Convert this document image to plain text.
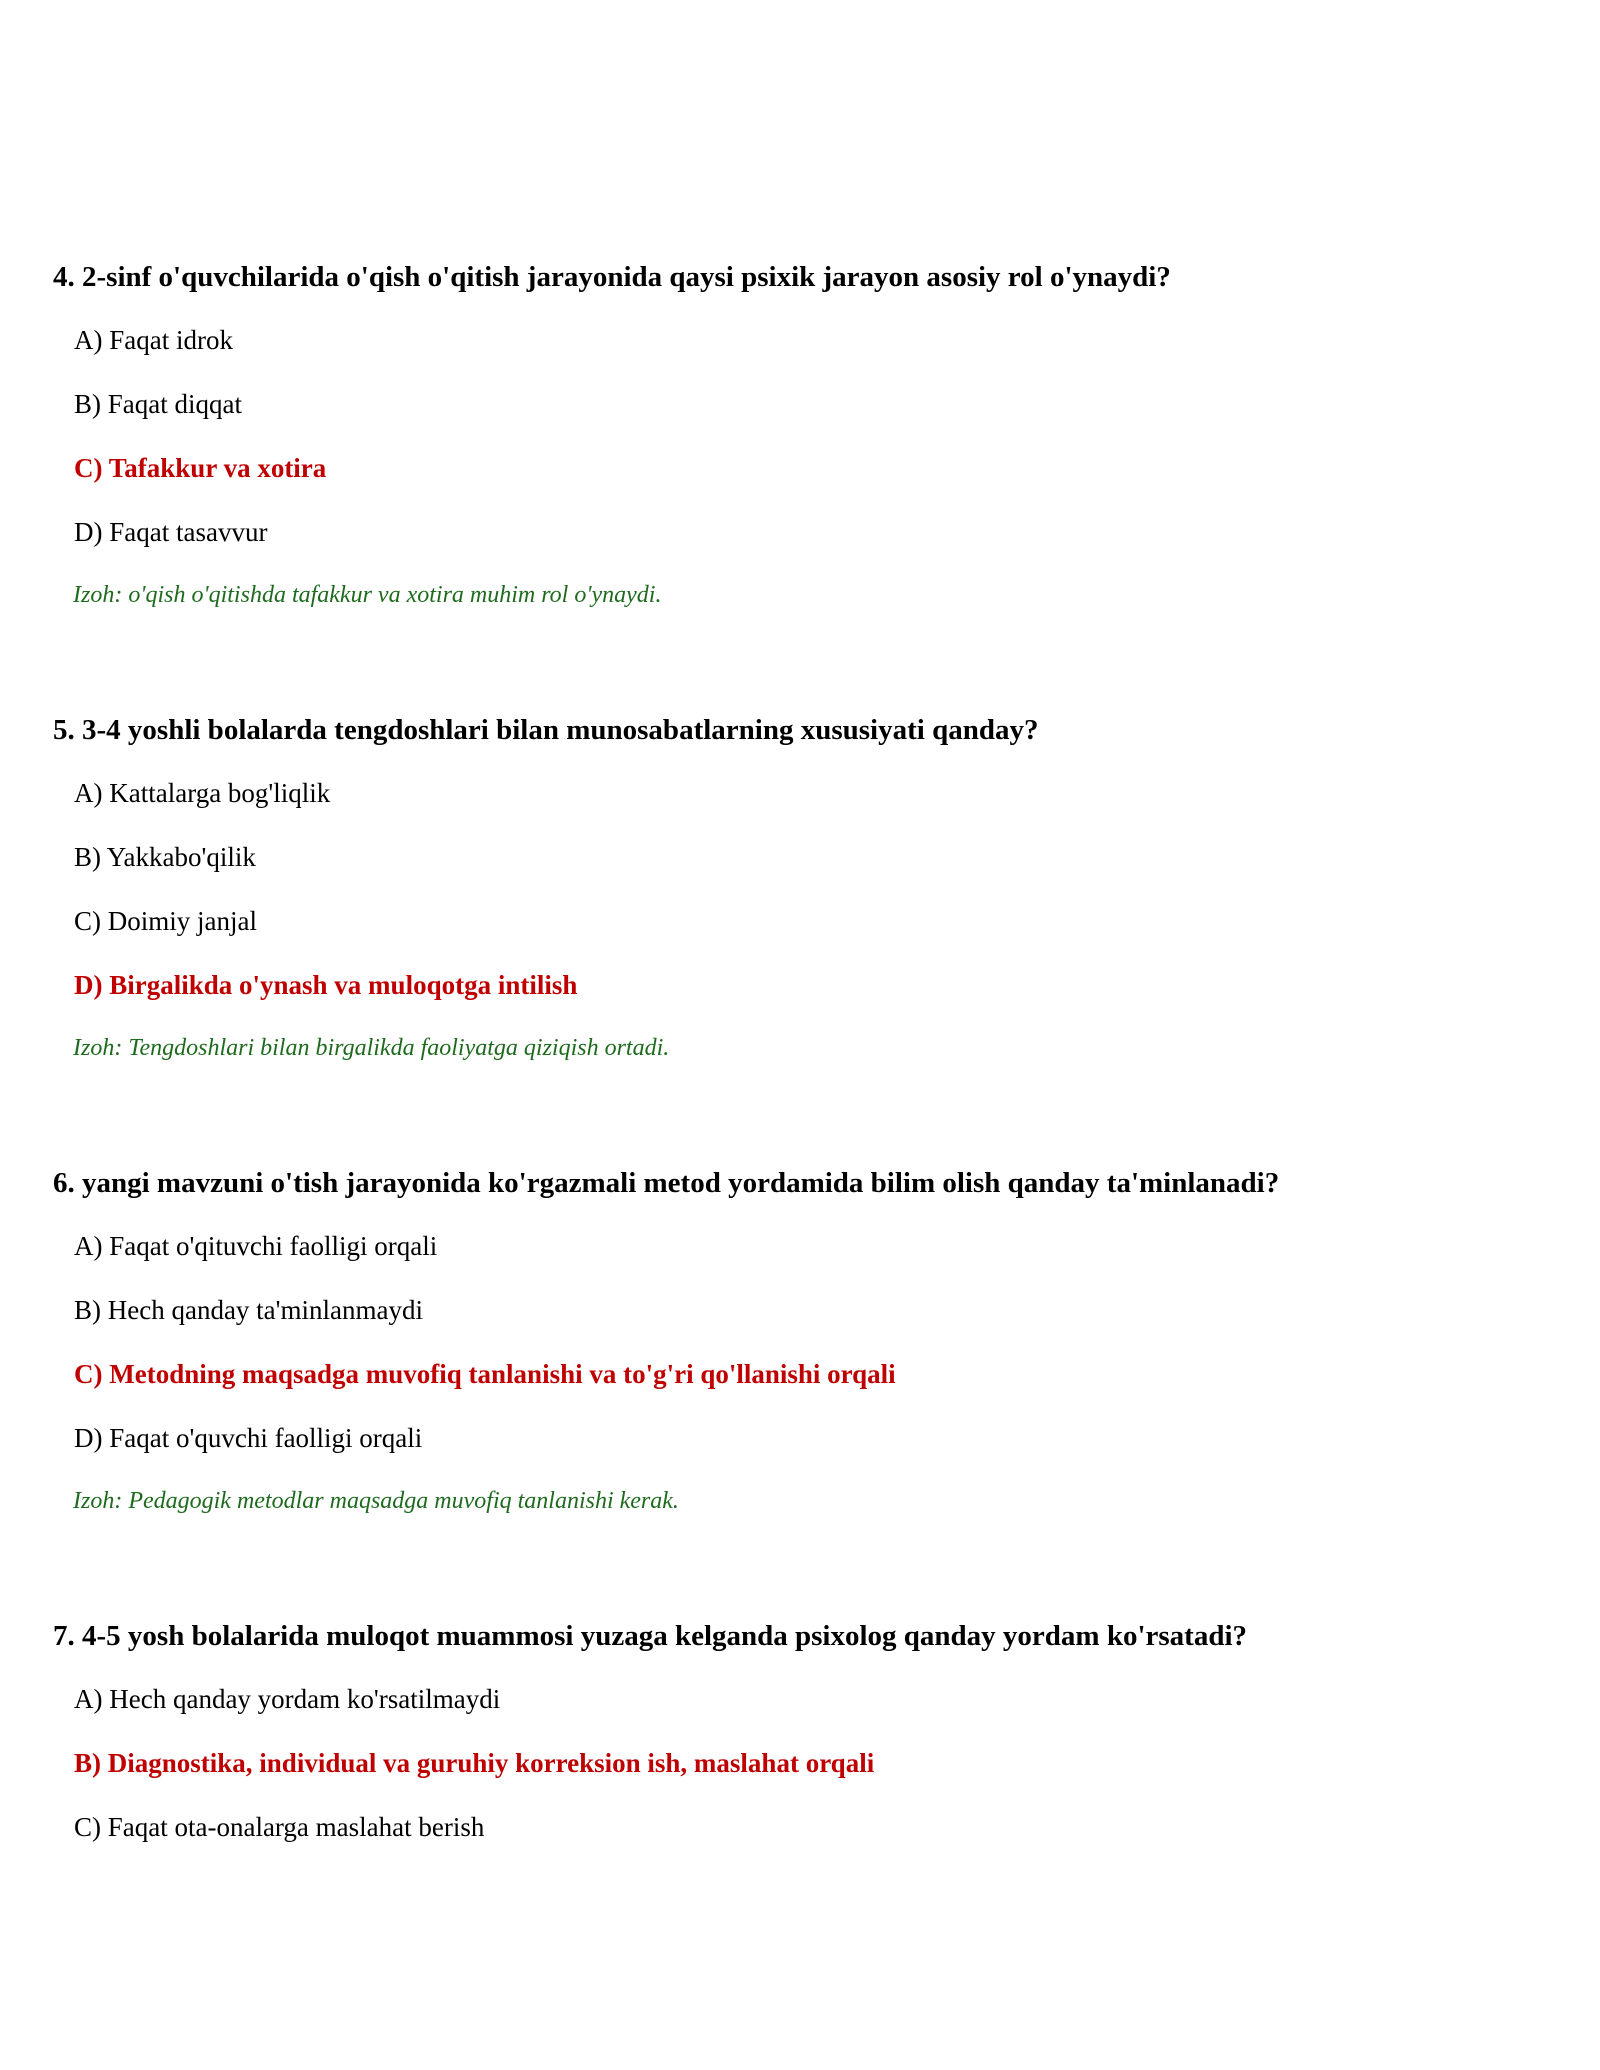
4. 2-sinf o'quvchilarida o'qish o'qitish jarayonida qaysi psixik jarayon asosiy rol o'ynaydi?
A) Faqat idrok
B) Faqat diqqat
C) Tafakkur va xotira
D) Faqat tasavvur
Izoh: o'qish o'qitishda tafakkur va xotira muhim rol o'ynaydi.
5. 3-4 yoshli bolalarda tengdoshlari bilan munosabatlarning xususiyati qanday?
A) Kattalarga bog'liqlik
B) Yakkabo'qilik
C) Doimiy janjal
D) Birgalikda o'ynash va muloqotga intilish
Izoh: Tengdoshlari bilan birgalikda faoliyatga qiziqish ortadi.
6. yangi mavzuni o'tish jarayonida ko'rgazmali metod yordamida bilim olish qanday ta'minlanadi?
A) Faqat o'qituvchi faolligi orqali
B) Hech qanday ta'minlanmaydi
C) Metodning maqsadga muvofiq tanlanishi va to'g'ri qo'llanishi orqali
D) Faqat o'quvchi faolligi orqali
Izoh: Pedagogik metodlar maqsadga muvofiq tanlanishi kerak.
7. 4-5 yosh bolalarida muloqot muammosi yuzaga kelganda psixolog qanday yordam ko'rsatadi?
A) Hech qanday yordam ko'rsatilmaydi
B) Diagnostika, individual va guruhiy korreksion ish, maslahat orqali
C) Faqat ota-onalarga maslahat berish
